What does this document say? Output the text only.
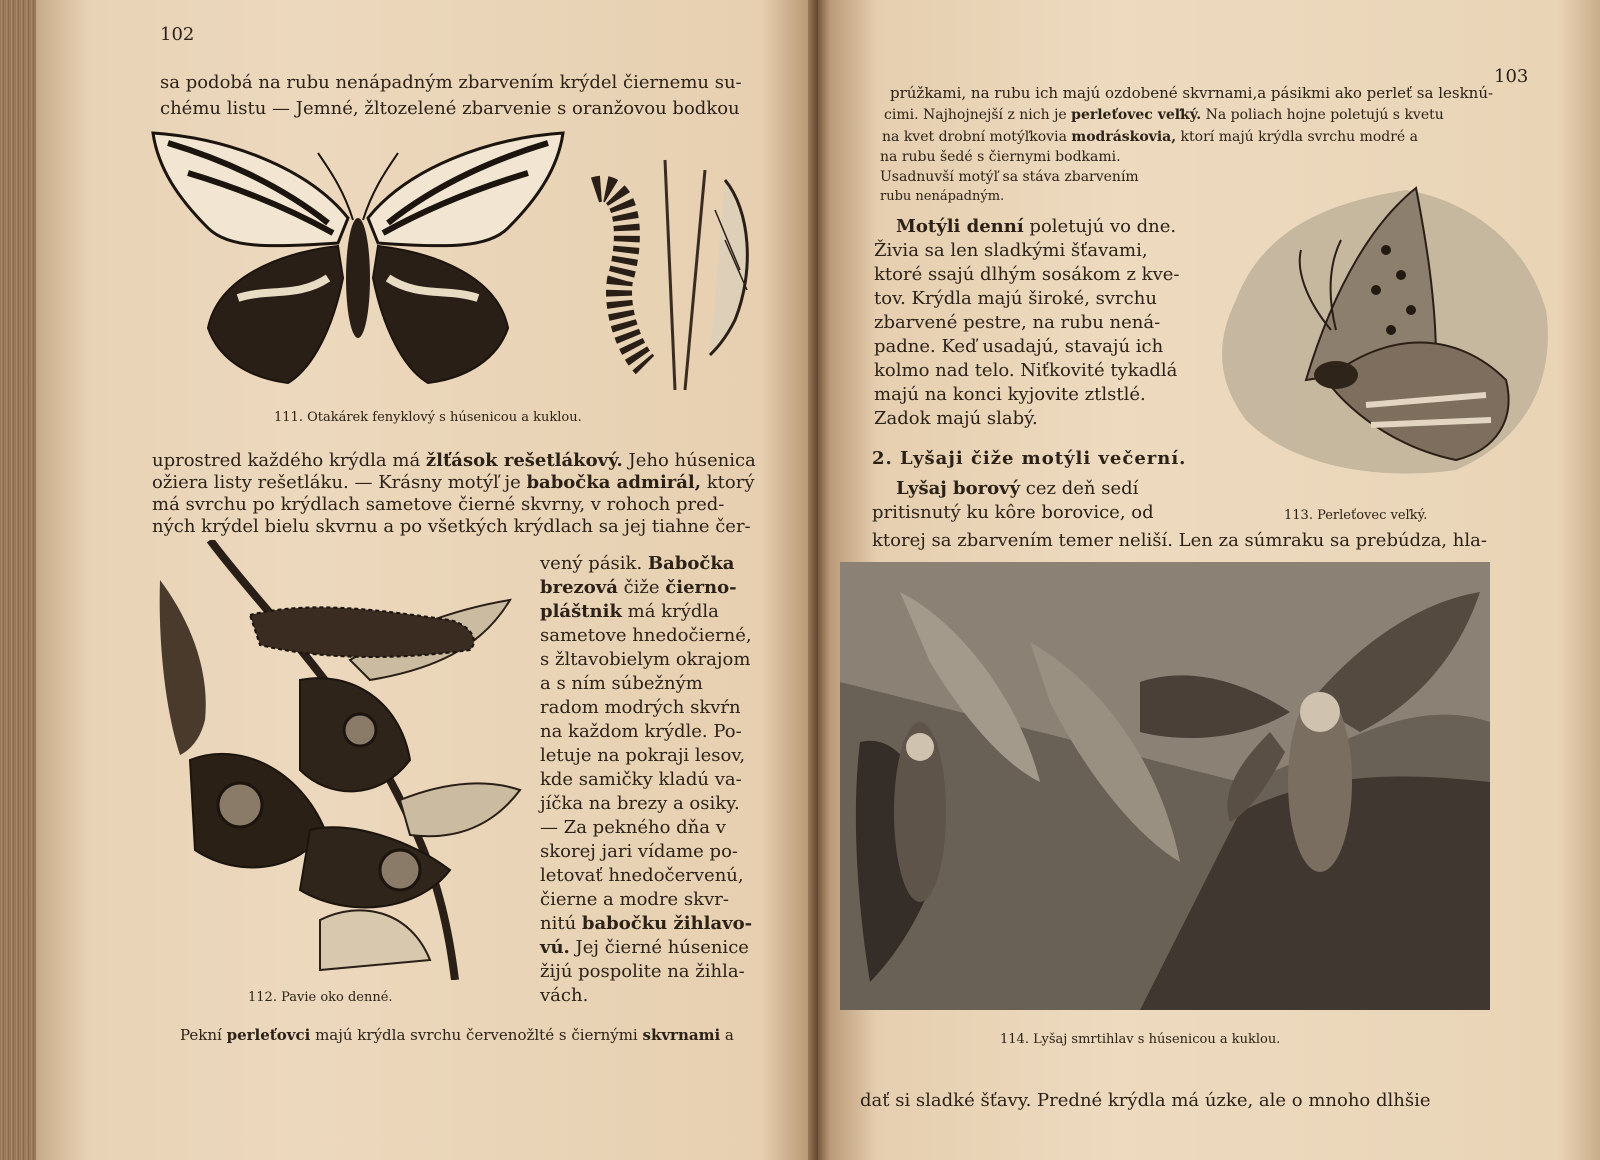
102
sa podobá na rubu nenápadným zbarvením krýdel čiernemu su-
chému listu — Jemné, žltozelené zbarvenie s oranžovou bodkou
111. Otakárek fenyklový s húsenicou a kuklou.
uprostred každého krýdla má žlťások rešetlákový. Jeho húsenica
ožiera listy rešetláku. — Krásny motýľ je babočka admirál, ktorý
má svrchu po krýdlach sametove čierné skvrny, v rohoch pred-
ných krýdel bielu skvrnu a po všetkých krýdlach sa jej tiahne čer-
112. Pavie oko denné.
vený pásik. Babočka
brezová čiže čierno-
pláštnik má krýdla
sametove hnedočierné,
s žltavobielym okrajom
a s ním súbežným
radom modrých skvŕn
na každom krýdle. Po-
letuje na pokraji lesov,
kde samičky kladú va-
jíčka na brezy a osiky.
— Za pekného dňa v
skorej jari vídame po-
letovať hnedočervenú,
čierne a modre skvr-
nitú babočku žihlavo-
vú. Jej čierné húsenice
žijú pospolite na žihla-
vách.
Pekní perleťovci majú krýdla svrchu červenožlté s čiernými skvrnami a
103
prúžkami, na rubu ich majú ozdobené skvrnami,a pásikmi ako perleť sa lesknú-
cimi. Najhojnejší z nich je perleťovec veľký. Na poliach hojne poletujú s kvetu
na kvet drobní motýľkovia modráskovia, ktorí majú krýdla svrchu modré a
na rubu šedé s čiernymi bodkami.
Usadnuvší motýľ sa stáva zbarvením
rubu nenápadným.
Motýli denní poletujú vo dne.
Živia sa len sladkými šťavami,
ktoré ssajú dlhým sosákom z kve-
tov. Krýdla majú široké, svrchu
zbarvené pestre, na rubu nená-
padne. Keď usadajú, stavajú ich
kolmo nad telo. Niťkovité tykadlá
majú na konci kyjovite ztlstlé.
Zadok majú slabý.
113. Perleťovec veľký.
2. Lyšaji čiže motýli večerní.
Lyšaj borový cez deň sedí
pritisnutý ku kôre borovice, od
ktorej sa zbarvením temer neliší. Len za súmraku sa prebúdza, hla-
114. Lyšaj smrtihlav s húsenicou a kuklou.
dať si sladké šťavy. Predné krýdla má úzke, ale o mnoho dlhšie
